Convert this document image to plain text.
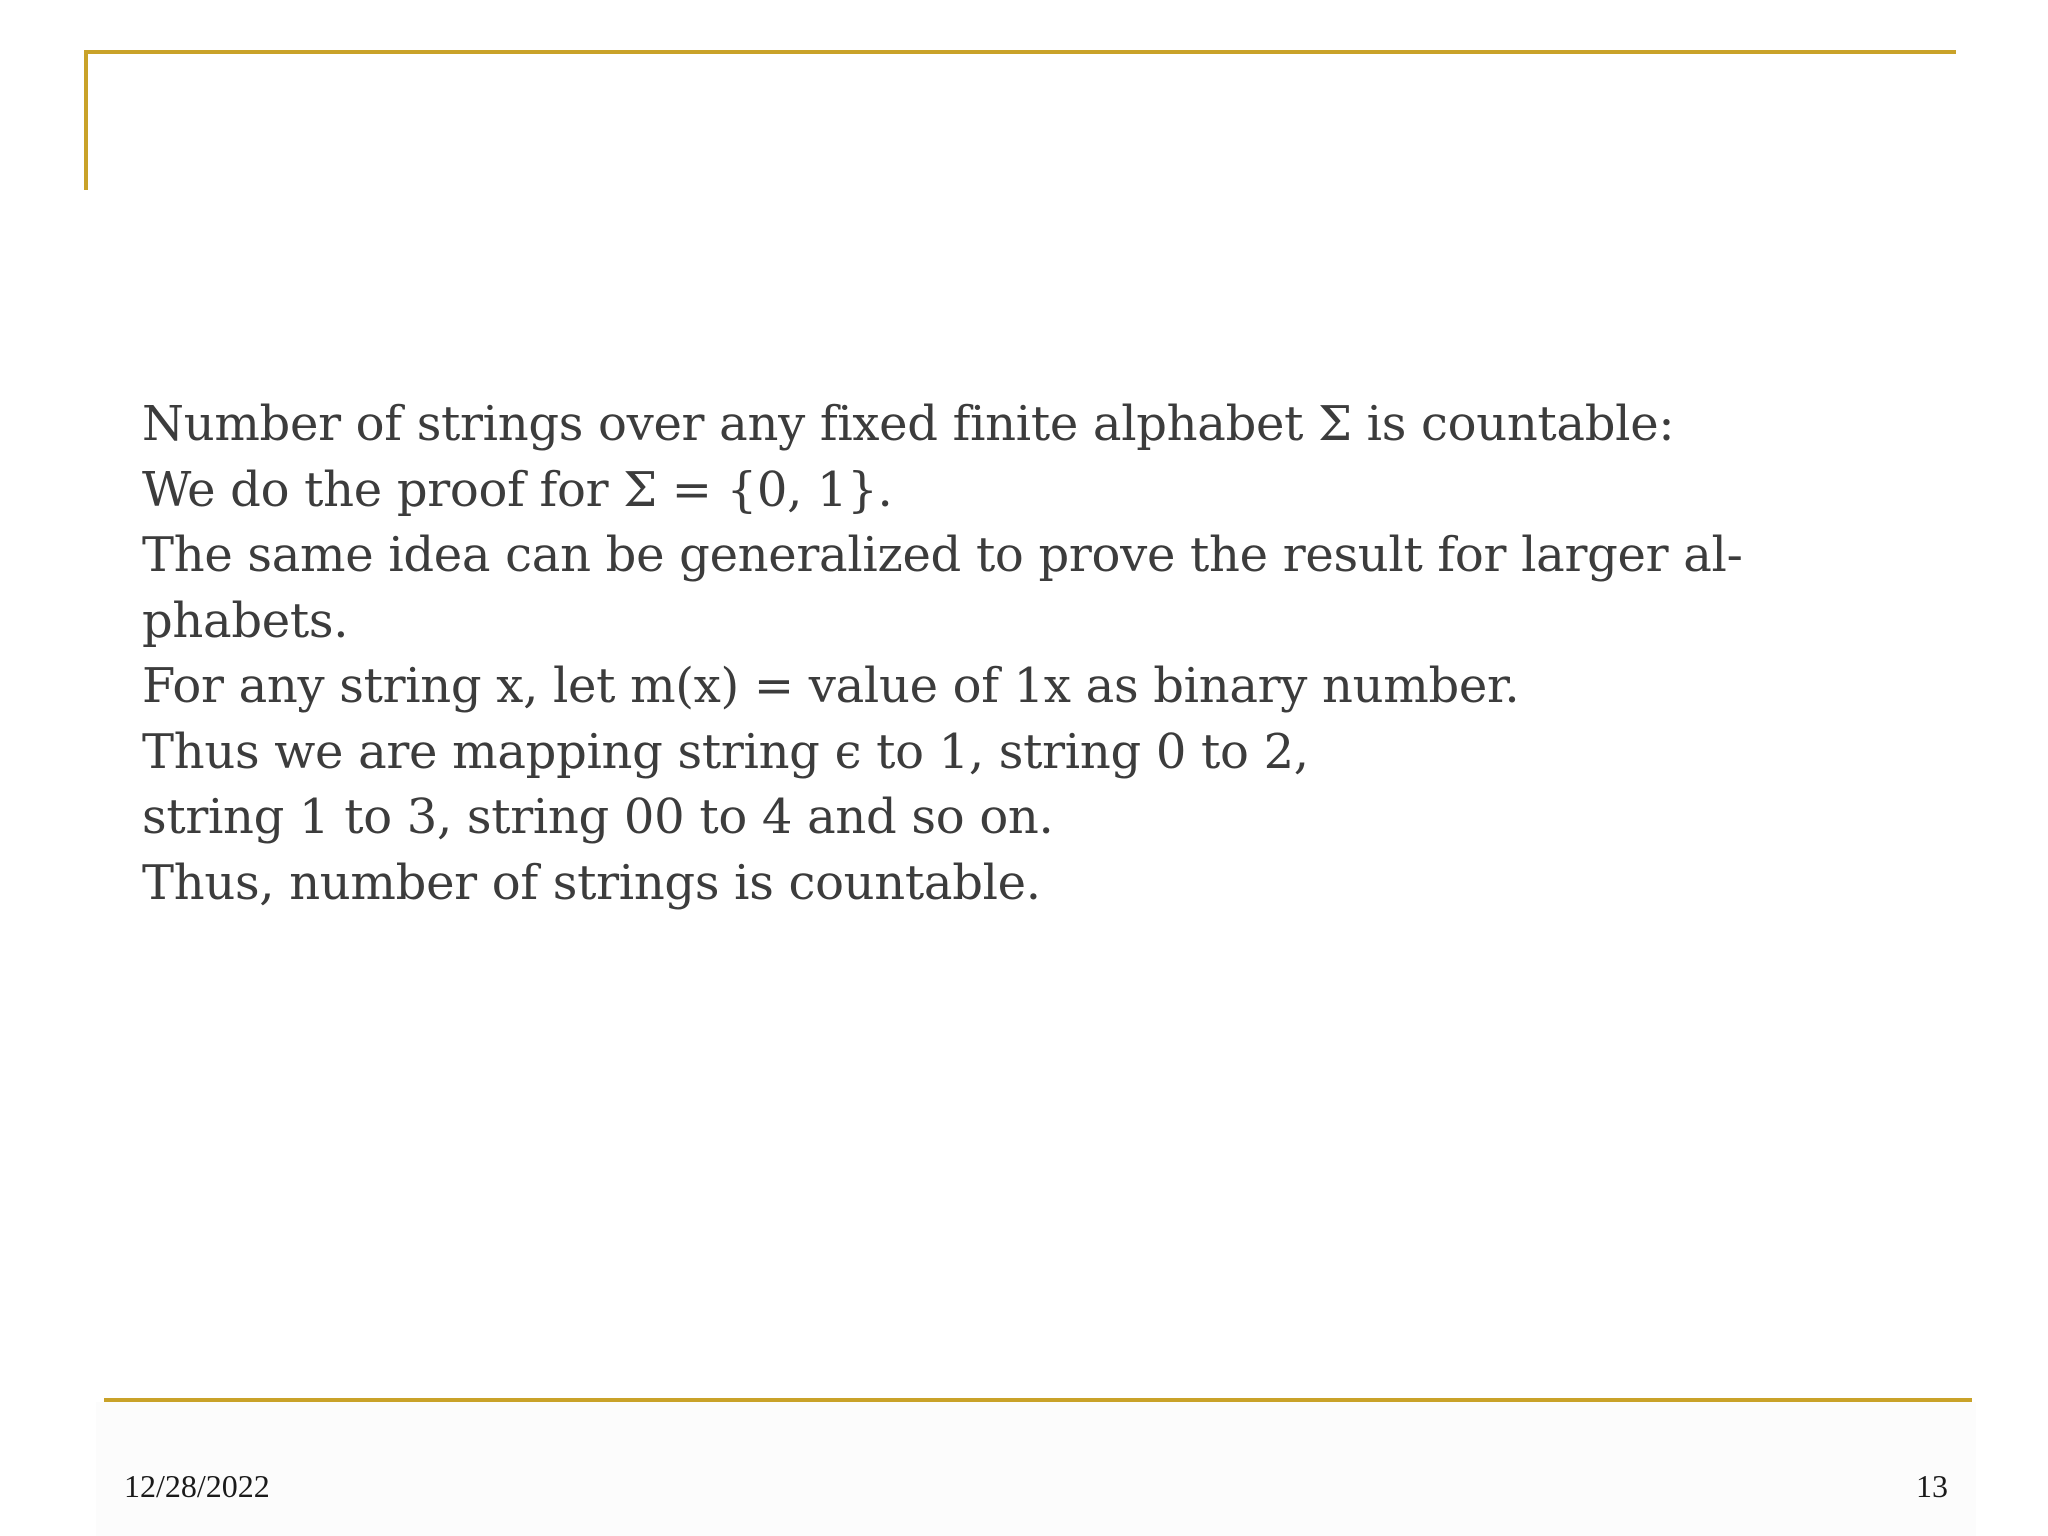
Number of strings over any fixed finite alphabet Σ is countable:
We do the proof for Σ = {0, 1}.
The same idea can be generalized to prove the result for larger al-
phabets.
For any string x, let m(x) = value of 1x as binary number.
Thus we are mapping string ϵ to 1, string 0 to 2,
string 1 to 3, string 00 to 4 and so on.
Thus, number of strings is countable.
12/28/2022	13
